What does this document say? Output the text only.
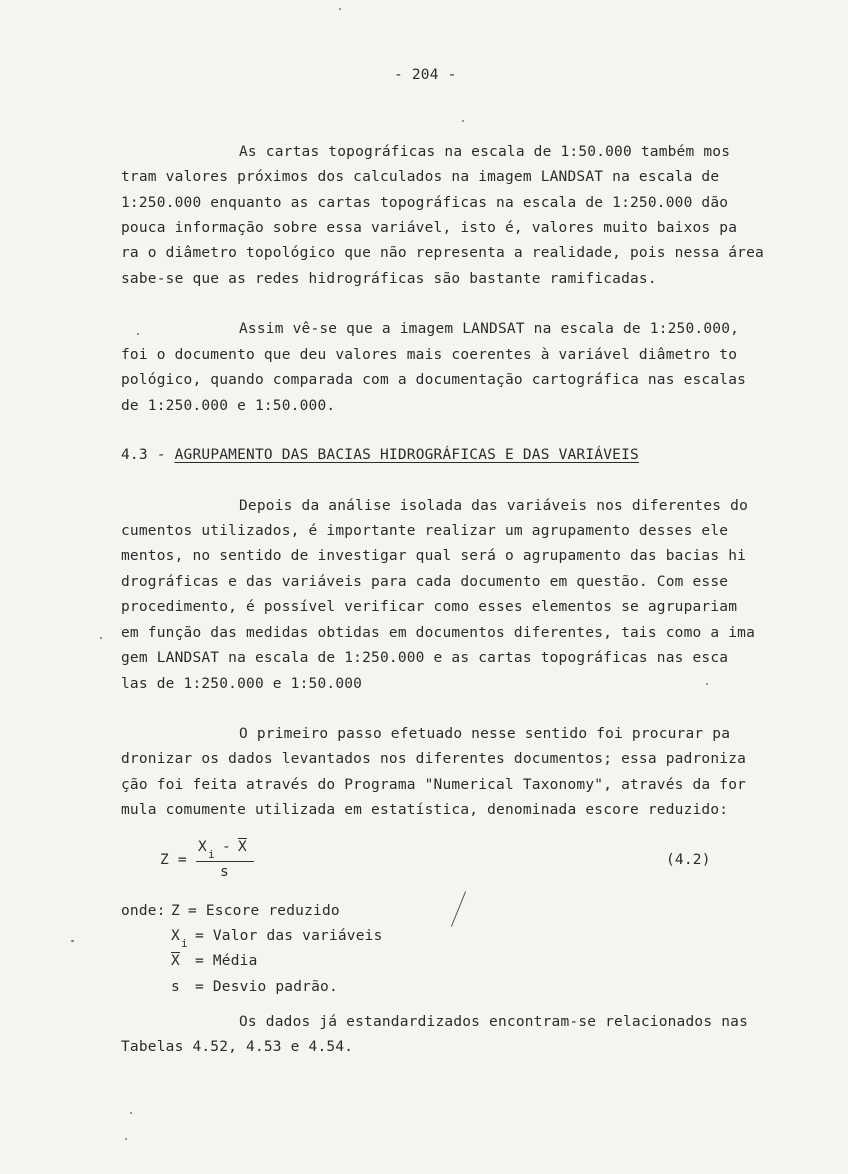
- 204 -
As cartas topográficas na escala de 1:50.000 também mos
tram valores próximos dos calculados na imagem LANDSAT na escala de
1:250.000 enquanto as cartas topográficas na escala de 1:250.000 dão
pouca informação sobre essa variável, isto é, valores muito baixos pa
ra o diâmetro topológico que não representa a realidade, pois nessa área
sabe-se que as redes hidrográficas são bastante ramificadas.
Assim vê-se que a imagem LANDSAT na escala de 1:250.000,
foi o documento que deu valores mais coerentes à variável diâmetro to
pológico, quando comparada com a documentação cartográfica nas escalas
de 1:250.000 e 1:50.000.
4.3 - AGRUPAMENTO DAS BACIAS HIDROGRÁFICAS E DAS VARIÁVEIS
Depois da análise isolada das variáveis nos diferentes do
cumentos utilizados, é importante realizar um agrupamento desses ele
mentos, no sentido de investigar qual será o agrupamento das bacias hi
drográficas e das variáveis para cada documento em questão. Com esse
procedimento, é possível verificar como esses elementos se agrupariam
em função das medidas obtidas em documentos diferentes, tais como a ima
gem LANDSAT na escala de 1:250.000 e as cartas topográficas nas esca
las de 1:250.000 e 1:50.000
O primeiro passo efetuado nesse sentido foi procurar pa
dronizar os dados levantados nos diferentes documentos; essa padroniza
ção foi feita através do Programa "Numerical Taxonomy", através da for
mula comumente utilizada em estatística, denominada escore reduzido:
Z =
X i - $\overline{X}$
s
(4.2)
onde: Z = Escore reduzido
X i = Valor das variáveis
$\overline{X}$ = Média
s = Desvio padrão.
Os dados já estandardizados encontram-se relacionados nas
Tabelas 4.52, 4.53 e 4.54.
